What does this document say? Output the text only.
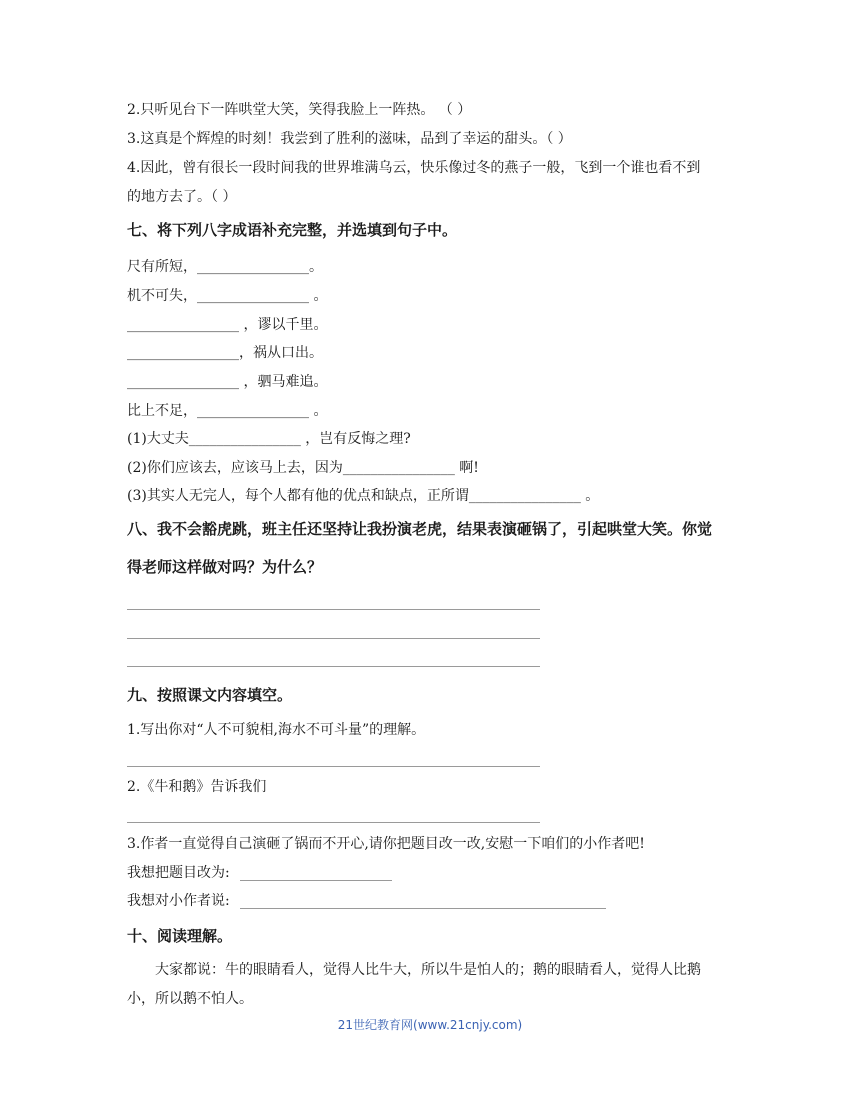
2.只听见台下一阵哄堂大笑，笑得我脸上一阵热。 （ ）
3.这真是个辉煌的时刻！我尝到了胜利的滋味，品到了幸运的甜头。（ ）
4.因此，曾有很长一段时间我的世界堆满乌云，快乐像过冬的燕子一般，飞到一个谁也看不到
的地方去了。（ ）
七、将下列八字成语补充完整，并选填到句子中。
尺有所短，________________。
机不可失，________________ 。
________________ ，谬以千里。
________________，祸从口出。
________________ ，驷马难追。
比上不足，________________ 。
(1)大丈夫________________ ，岂有反悔之理?
(2)你们应该去，应该马上去，因为________________ 啊!
(3)其实人无完人，每个人都有他的优点和缺点，正所谓________________ 。
八、我不会豁虎跳，班主任还坚持让我扮演老虎，结果表演砸锅了，引起哄堂大笑。你觉
得老师这样做对吗？为什么？
九、按照课文内容填空。
1.写出你对“人不可貌相,海水不可斗量”的理解。
2.《牛和鹅》告诉我们
3.作者一直觉得自己演砸了锅而不开心,请你把题目改一改,安慰一下咱们的小作者吧!
我想把题目改为:
我想对小作者说:
十、阅读理解。
大家都说：牛的眼睛看人，觉得人比牛大，所以牛是怕人的；鹅的眼睛看人，觉得人比鹅
小，所以鹅不怕人。
21世纪教育网(www.21cnjy.com)
